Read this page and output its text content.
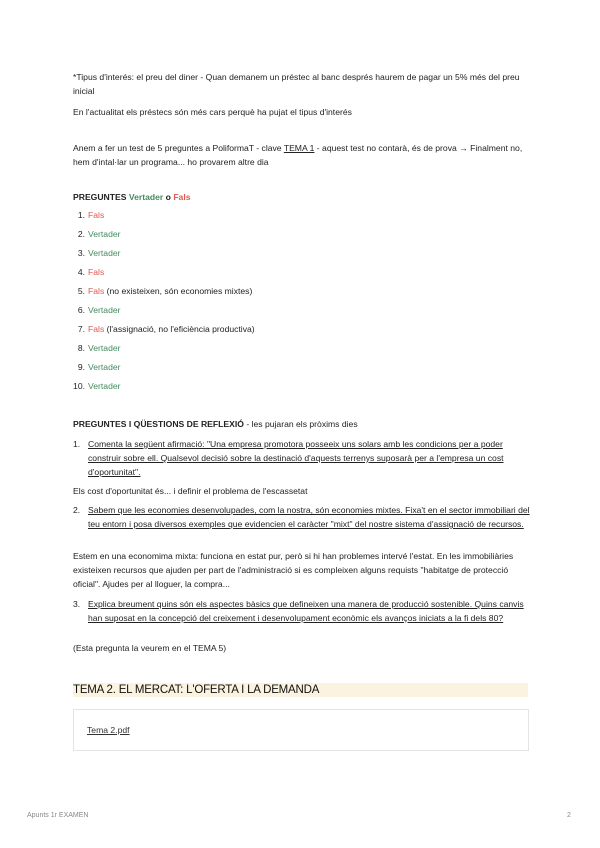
*Tipus d'interés: el preu del diner - Quan demanem un préstec al banc després haurem de pagar un 5% més del preu inicial
En l'actualitat els préstecs són més cars perquè ha pujat el tipus d'interés
Anem a fer un test de 5 preguntes a PoliformaT - clave TEMA 1 - aquest test no contarà, és de prova → Finalment no, hem d'intal·lar un programa... ho provarem altre dia
PREGUNTES Vertader o Fals
1. Fals
2. Vertader
3. Vertader
4. Fals
5. Fals (no existeixen, són economies mixtes)
6. Vertader
7. Fals (l'assignació, no l'eficiència productiva)
8. Vertader
9. Vertader
10. Vertader
PREGUNTES I QÜESTIONS DE REFLEXIÓ - les pujaran els pròxims dies
1. Comenta la següent afirmació: "Una empresa promotora posseeix uns solars amb les condicions per a poder construir sobre ell. Qualsevol decisió sobre la destinació d'aquests terrenys suposarà per a l'empresa un cost d'oportunitat".
Els cost d'oportunitat és... i definir el problema de l'escassetat
2. Sabem que les economies desenvolupades, com la nostra, són economies mixtes. Fixa't en el sector immobiliari del teu entorn i posa diversos exemples que evidencien el caràcter "mixt" del nostre sistema d'assignació de recursos.
Estem en una economima mixta: funciona en estat pur, però si hi han problemes intervé l'estat. En les immobiliàries existeixen recursos que ajuden per part de l'administració si es compleixen alguns requists "habitatge de protecció oficial". Ajudes per al lloguer, la compra...
3. Explica breument quins són els aspectes bàsics que defineixen una manera de producció sostenible. Quins canvis han suposat en la concepció del creixement i desenvolupament econòmic els avanços iniciats a la fi dels 80?
(Esta pregunta la veurem en el TEMA 5)
TEMA 2. EL MERCAT: L'OFERTA I LA DEMANDA
Tema 2.pdf
Apunts 1r EXAMEN	2
